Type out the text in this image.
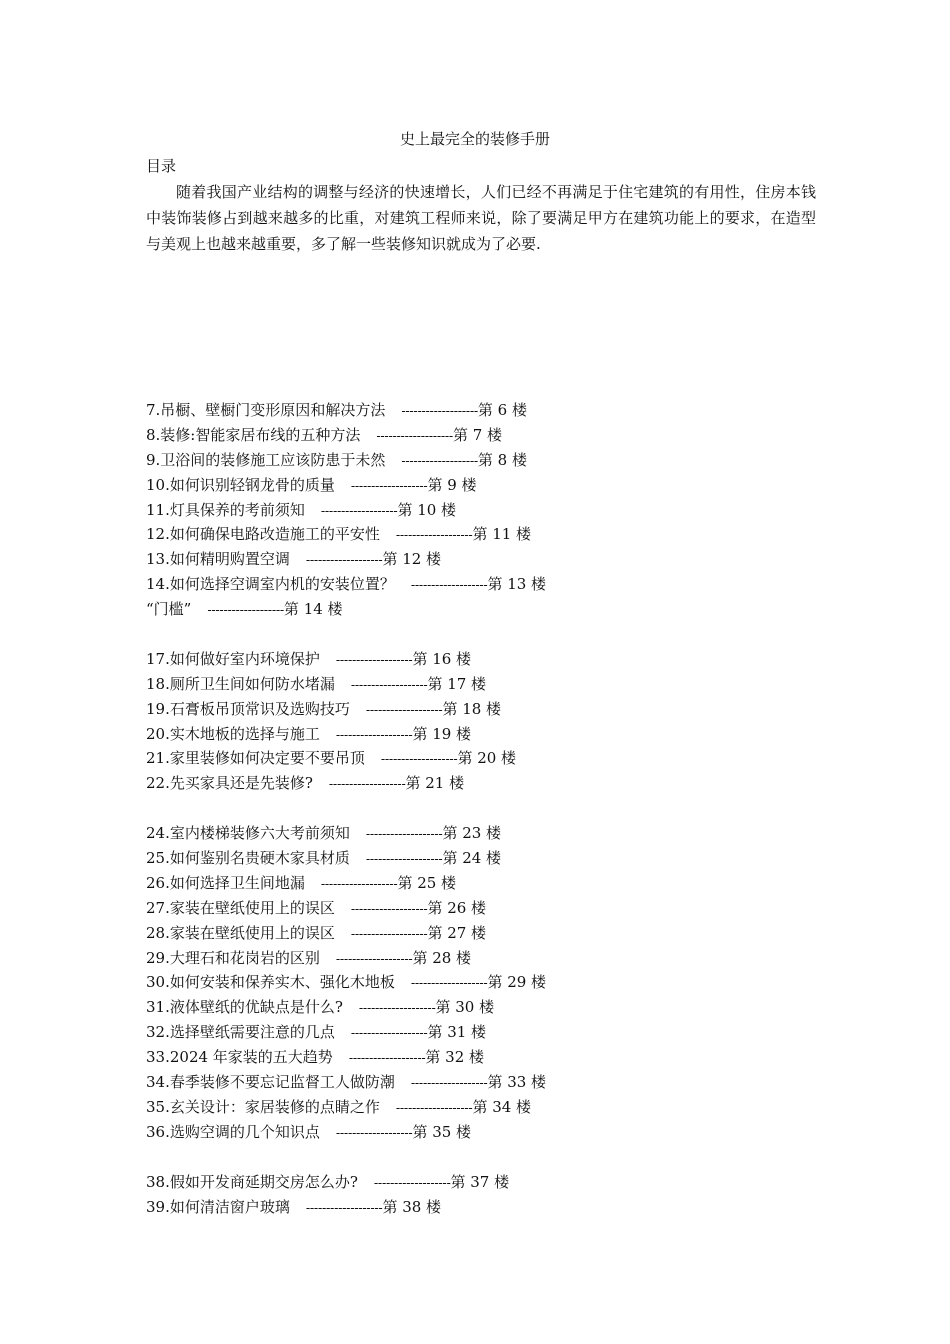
史上最完全的装修手册
目录
随着我国产业结构的调整与经济的快速增长，人们已经不再满足于住宅建筑的有用性，住房本钱中装饰装修占到越来越多的比重，对建筑工程师来说，除了要满足甲方在建筑功能上的要求，在造型与美观上也越来越重要，多了解一些装修知识就成为了必要.
7.吊橱、壁橱门变形原因和解决方法 -------------------第 6 楼
8.装修:智能家居布线的五种方法 -------------------第 7 楼
9.卫浴间的装修施工应该防患于未然 -------------------第 8 楼
10.如何识别轻钢龙骨的质量 -------------------第 9 楼
11.灯具保养的考前须知 -------------------第 10 楼
12.如何确保电路改造施工的平安性 -------------------第 11 楼
13.如何精明购置空调 -------------------第 12 楼
14.如何选择空调室内机的安装位置？ -------------------第 13 楼
“门槛” -------------------第 14 楼
17.如何做好室内环境保护 -------------------第 16 楼
18.厕所卫生间如何防水堵漏 -------------------第 17 楼
19.石膏板吊顶常识及选购技巧 -------------------第 18 楼
20.实木地板的选择与施工 -------------------第 19 楼
21.家里装修如何决定要不要吊顶 -------------------第 20 楼
22.先买家具还是先装修? -------------------第 21 楼
24.室内楼梯装修六大考前须知 -------------------第 23 楼
25.如何鉴别名贵硬木家具材质 -------------------第 24 楼
26.如何选择卫生间地漏 -------------------第 25 楼
27.家装在壁纸使用上的误区 -------------------第 26 楼
28.家装在壁纸使用上的误区 -------------------第 27 楼
29.大理石和花岗岩的区别 -------------------第 28 楼
30.如何安装和保养实木、强化木地板 -------------------第 29 楼
31.液体壁纸的优缺点是什么? -------------------第 30 楼
32.选择壁纸需要注意的几点 -------------------第 31 楼
33.2024 年家装的五大趋势 -------------------第 32 楼
34.春季装修不要忘记监督工人做防潮 -------------------第 33 楼
35.玄关设计：家居装修的点睛之作 -------------------第 34 楼
36.选购空调的几个知识点 -------------------第 35 楼
38.假如开发商延期交房怎么办? -------------------第 37 楼
39.如何清洁窗户玻璃 -------------------第 38 楼
